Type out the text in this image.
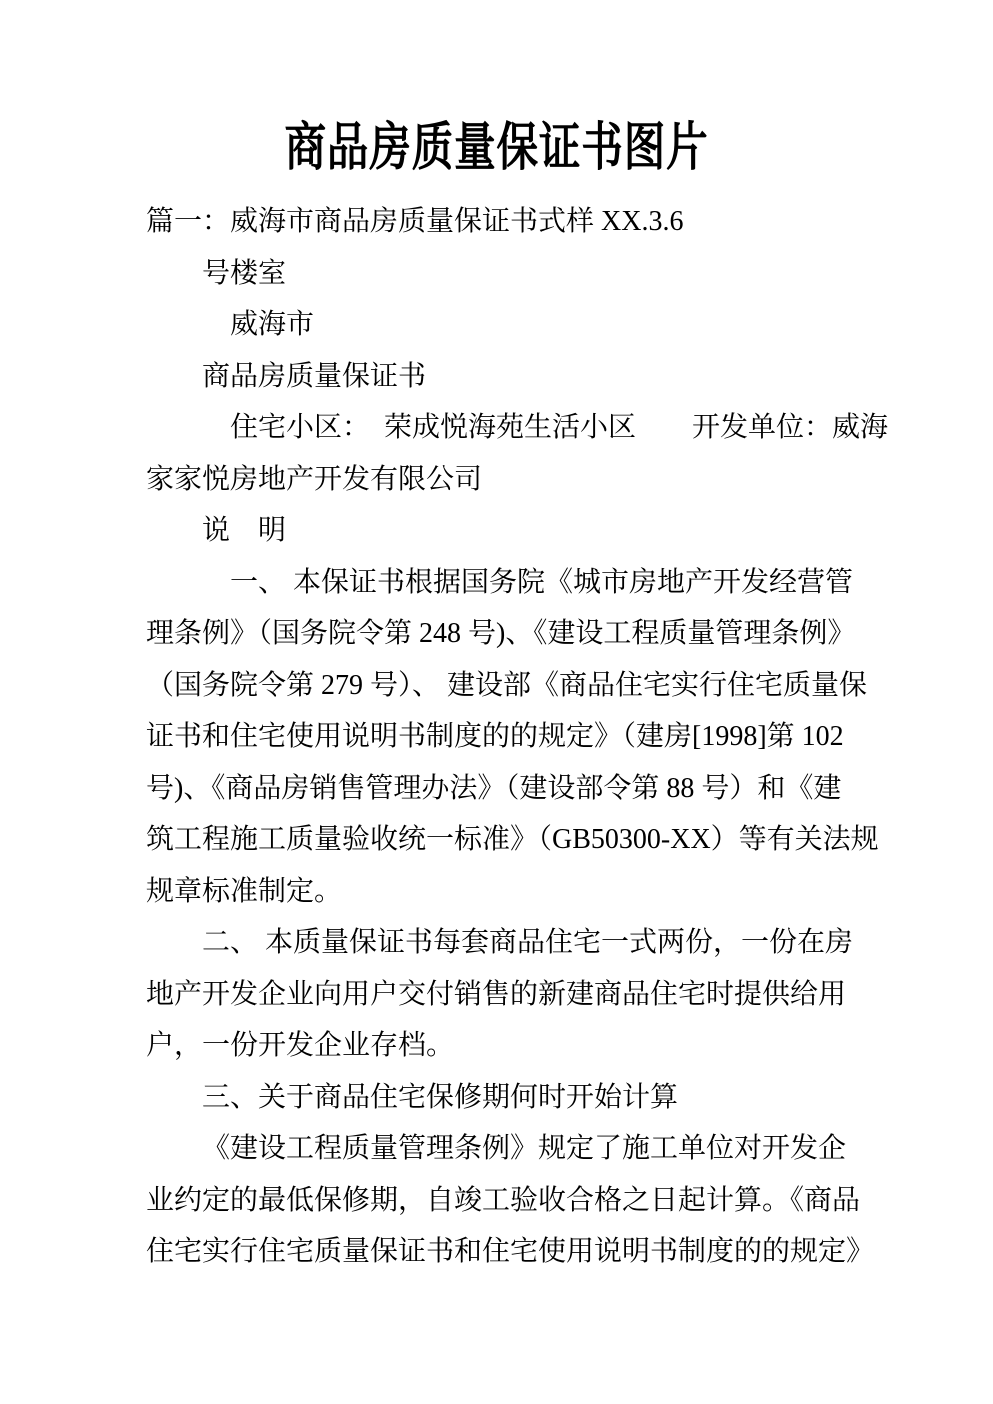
商品房质量保证书图片
篇一：威海市商品房质量保证书式样 XX.3.6
号楼室
威海市
商品房质量保证书
住宅小区：　荣成悦海苑生活小区　　开发单位：威海
家家悦房地产开发有限公司
说　明
一、 本保证书根据国务院《城市房地产开发经营管
理条例》（国务院令第 248 号)、《建设工程质量管理条例》
（国务院令第 279 号）、 建设部《商品住宅实行住宅质量保
证书和住宅使用说明书制度的的规定》（建房[1998]第 102
号)、《商品房销售管理办法》（建设部令第 88 号）和《建
筑工程施工质量验收统一标准》（GB50300-XX）等有关法规
规章标准制定。
二、 本质量保证书每套商品住宅一式两份，一份在房
地产开发企业向用户交付销售的新建商品住宅时提供给用
户，一份开发企业存档。
三、关于商品住宅保修期何时开始计算
《建设工程质量管理条例》规定了施工单位对开发企
业约定的最低保修期，自竣工验收合格之日起计算。《商品
住宅实行住宅质量保证书和住宅使用说明书制度的的规定》
